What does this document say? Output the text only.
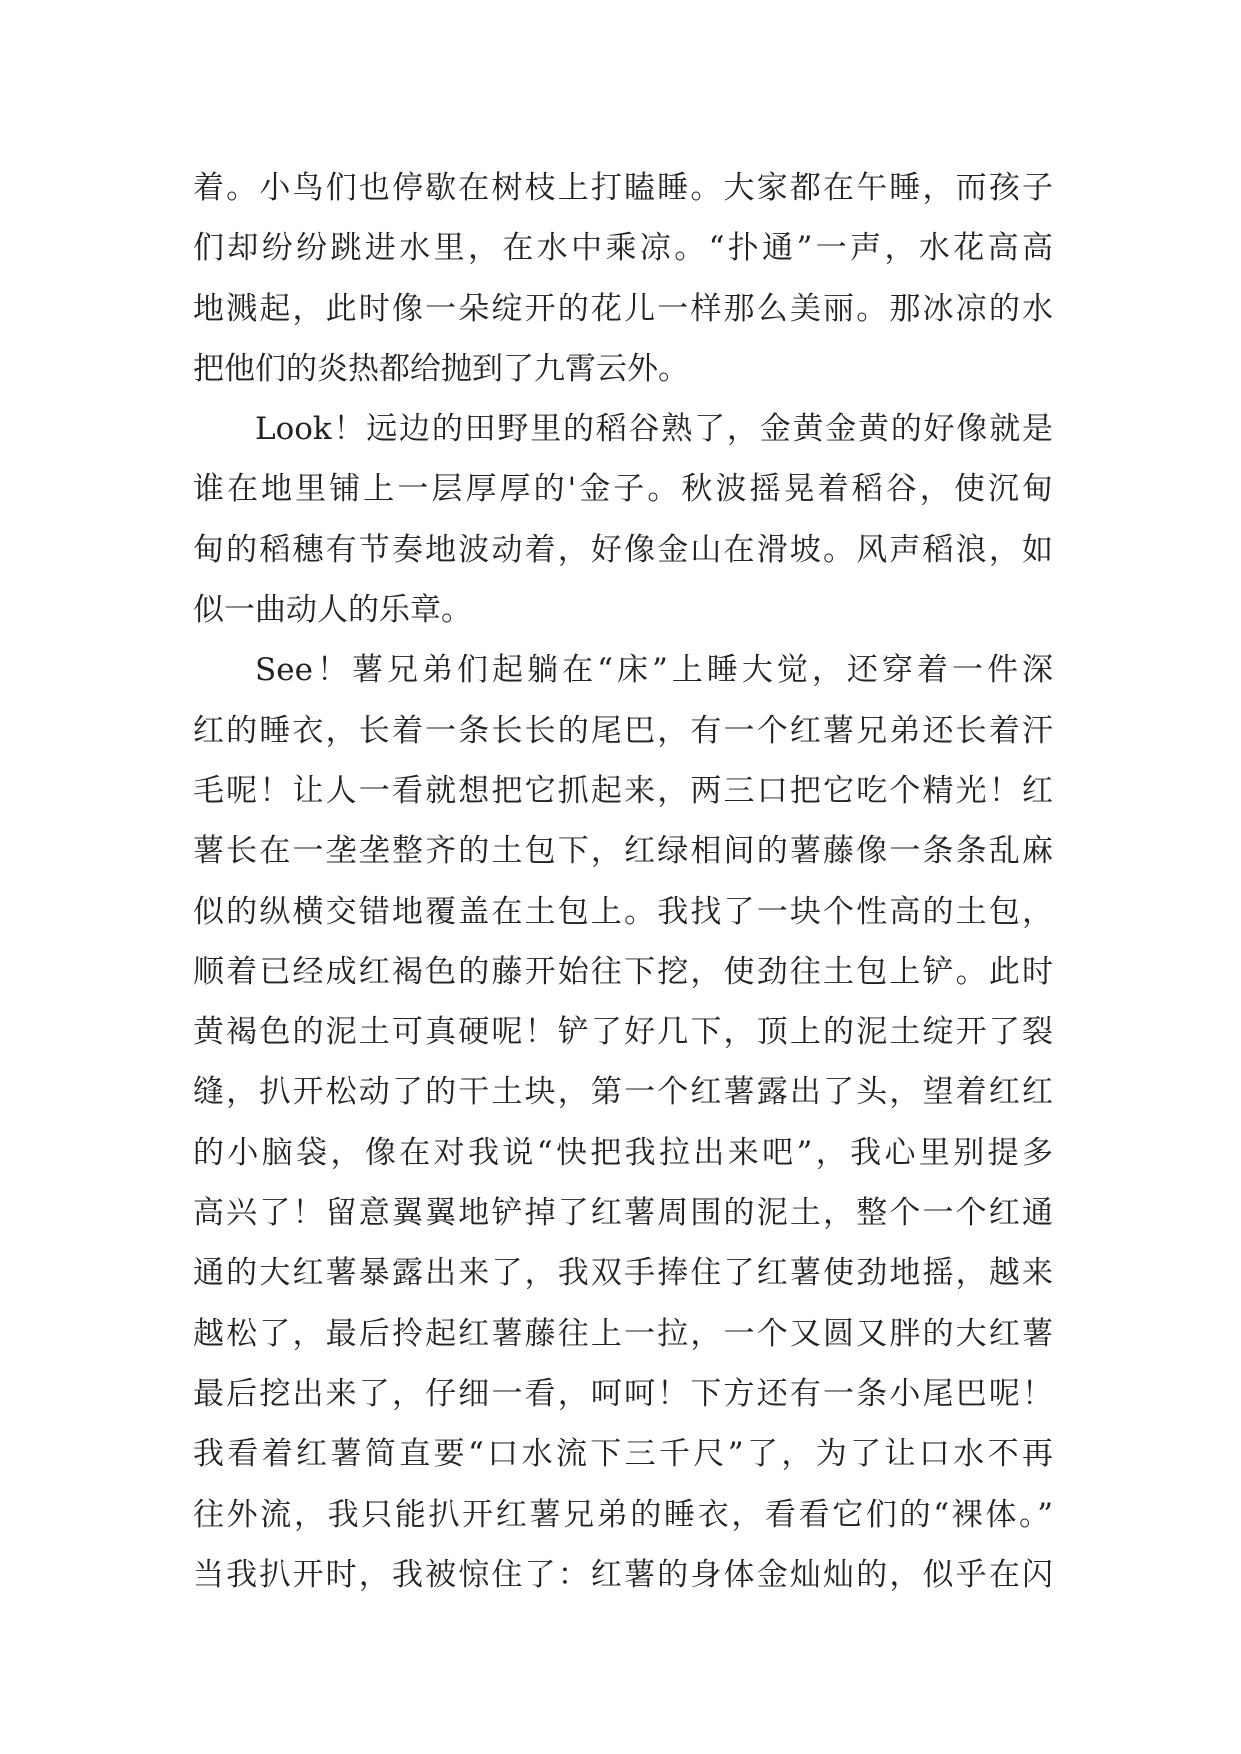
着。小鸟们也停歇在树枝上打瞌睡。大家都在午睡，而孩子
们却纷纷跳进水里，在水中乘凉。“扑通”一声，水花高高
地溅起，此时像一朵绽开的花儿一样那么美丽。那冰凉的水
把他们的炎热都给抛到了九霄云外。
Look！远边的田野里的稻谷熟了，金黄金黄的好像就是
谁在地里铺上一层厚厚的'金子。秋波摇晃着稻谷，使沉甸
甸的稻穗有节奏地波动着，好像金山在滑坡。风声稻浪，如
似一曲动人的乐章。
See！薯兄弟们起躺在“床”上睡大觉，还穿着一件深
红的睡衣，长着一条长长的尾巴，有一个红薯兄弟还长着汗
毛呢！让人一看就想把它抓起来，两三口把它吃个精光！红
薯长在一垄垄整齐的土包下，红绿相间的薯藤像一条条乱麻
似的纵横交错地覆盖在土包上。我找了一块个性高的土包，
顺着已经成红褐色的藤开始往下挖，使劲往土包上铲。此时
黄褐色的泥土可真硬呢！铲了好几下，顶上的泥土绽开了裂
缝，扒开松动了的干土块，第一个红薯露出了头，望着红红
的小脑袋，像在对我说“快把我拉出来吧”，我心里别提多
高兴了！留意翼翼地铲掉了红薯周围的泥土，整个一个红通
通的大红薯暴露出来了，我双手捧住了红薯使劲地摇，越来
越松了，最后拎起红薯藤往上一拉，一个又圆又胖的大红薯
最后挖出来了，仔细一看，呵呵！下方还有一条小尾巴呢！
我看着红薯简直要“口水流下三千尺”了，为了让口水不再
往外流，我只能扒开红薯兄弟的睡衣，看看它们的“裸体。”
当我扒开时，我被惊住了：红薯的身体金灿灿的，似乎在闪
